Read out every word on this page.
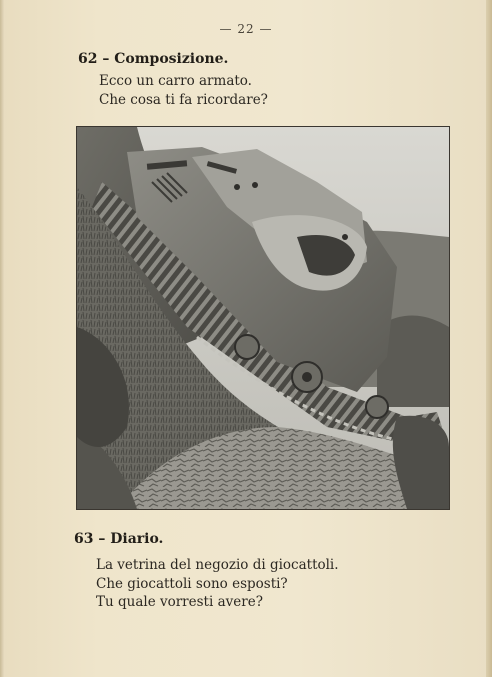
— 22 —
62 – Composizione.
Ecco un carro armato.
Che cosa ti fa ricordare?
63 – Diario.
La vetrina del negozio di giocattoli.
Che giocattoli sono esposti?
Tu quale vorresti avere?
